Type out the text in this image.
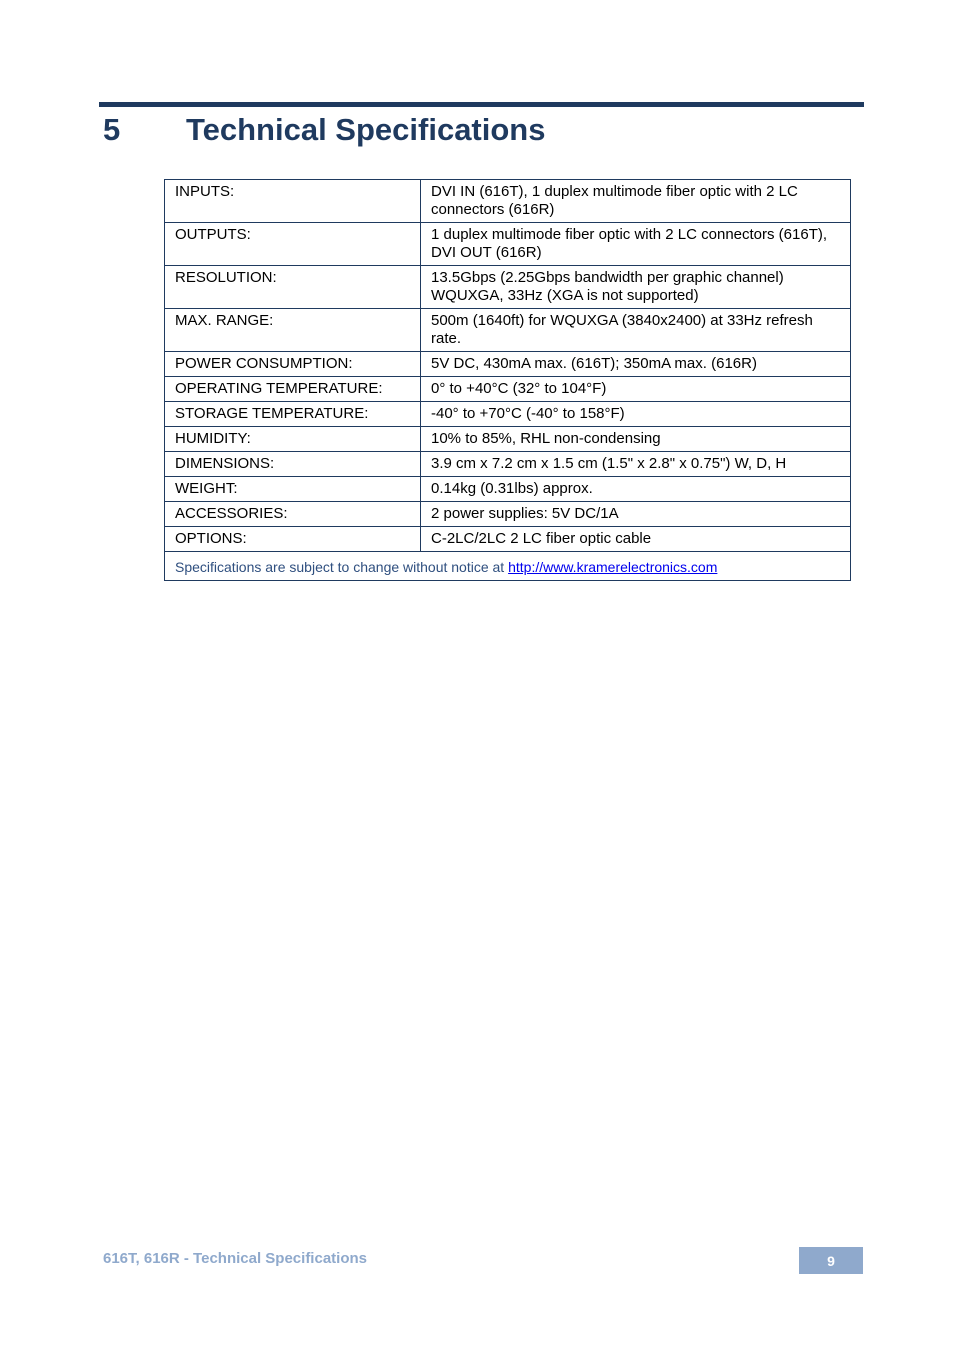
5	Technical Specifications
INPUTS:	DVI IN (616T), 1 duplex multimode fiber optic with 2 LC connectors (616R)
OUTPUTS:	1 duplex multimode fiber optic with 2 LC connectors (616T), DVI OUT (616R)
RESOLUTION:	13.5Gbps (2.25Gbps bandwidth per graphic channel) WQUXGA, 33Hz (XGA is not supported)
MAX. RANGE:	500m (1640ft) for WQUXGA (3840x2400) at 33Hz refresh rate.
POWER CONSUMPTION:	5V DC, 430mA max. (616T); 350mA max. (616R)
OPERATING TEMPERATURE:	0° to +40°C (32° to 104°F)
STORAGE TEMPERATURE:	-40° to +70°C (-40° to 158°F)
HUMIDITY:	10% to 85%, RHL non-condensing
DIMENSIONS:	3.9 cm x 7.2 cm x 1.5 cm (1.5" x 2.8" x 0.75") W, D, H
WEIGHT:	0.14kg (0.31lbs) approx.
ACCESSORIES:	2 power supplies: 5V DC/1A
OPTIONS:	C-2LC/2LC 2 LC fiber optic cable
Specifications are subject to change without notice at http://www.kramerelectronics.com	
616T, 616R - Technical Specifications	9
